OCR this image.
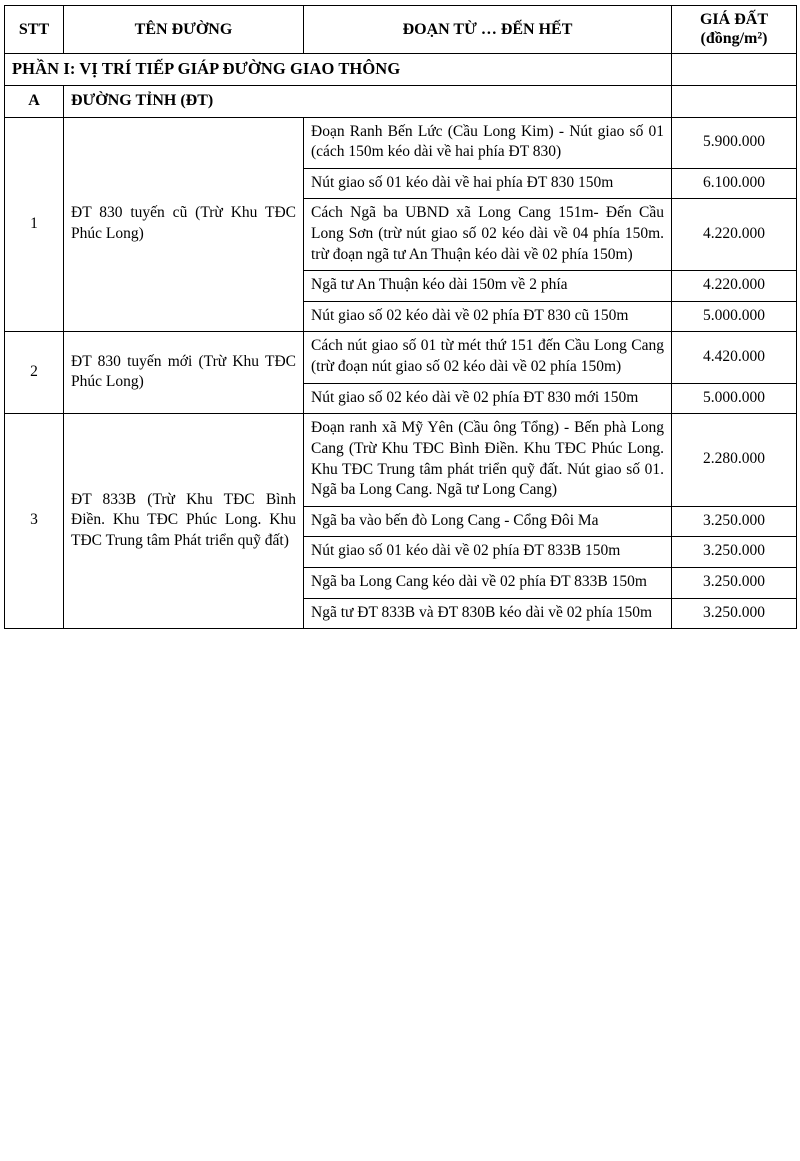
STT	TÊN ĐƯỜNG	ĐOẠN TỪ … ĐẾN HẾT	GIÁ ĐẤT
(đồng/m²)

PHẦN I: VỊ TRÍ TIẾP GIÁP ĐƯỜNG GIAO THÔNG			
A	ĐƯỜNG TỈNH (ĐT)		
1	ĐT 830 tuyến cũ (Trừ Khu TĐC Phúc Long)	Đoạn Ranh Bến Lức (Cầu Long Kim) - Nút giao số 01 (cách 150m kéo dài về hai phía ĐT 830)	5.900.000
		Nút giao số 01 kéo dài về hai phía ĐT 830 150m	6.100.000
		Cách Ngã ba UBND xã Long Cang 151m- Đến Cầu Long Sơn (trừ nút giao số 02 kéo dài về 04 phía 150m. trừ đoạn ngã tư An Thuận kéo dài về 02 phía 150m)	4.220.000
		Ngã tư An Thuận kéo dài 150m về 2 phía	4.220.000
		Nút giao số 02 kéo dài về 02 phía ĐT 830 cũ 150m	5.000.000
2	ĐT 830 tuyến mới (Trừ Khu TĐC Phúc Long)	Cách nút giao số 01 từ mét thứ 151 đến Cầu Long Cang (trừ đoạn nút giao số 02 kéo dài về 02 phía 150m)	4.420.000
		Nút giao số 02 kéo dài về 02 phía ĐT 830 mới 150m	5.000.000
3	ĐT 833B (Trừ Khu TĐC Bình Điền. Khu TĐC Phúc Long. Khu TĐC Trung tâm Phát triển quỹ đất)	Đoạn ranh xã Mỹ Yên (Cầu ông Tổng) - Bến phà Long Cang (Trừ Khu TĐC Bình Điền. Khu TĐC Phúc Long. Khu TĐC Trung tâm phát triển quỹ đất. Nút giao số 01. Ngã ba Long Cang. Ngã tư Long Cang)	2.280.000
		Ngã ba vào bến đò Long Cang - Cổng Đôi Ma	3.250.000
		Nút giao số 01 kéo dài về 02 phía ĐT 833B 150m	3.250.000
		Ngã ba Long Cang kéo dài về 02 phía ĐT 833B 150m	3.250.000
		Ngã tư ĐT 833B và ĐT 830B kéo dài về 02 phía 150m	3.250.000
